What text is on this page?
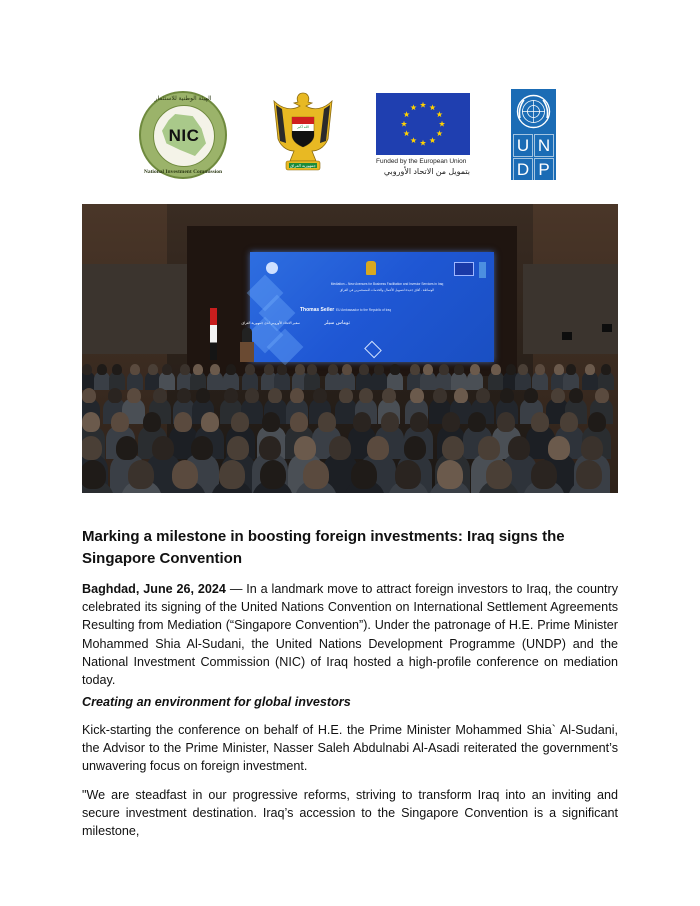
NIC
الهيئة الوطنية للاستثمار
National Investment Commission
الله أكبر
جمهورية العراق
Funded by the European Union
بتمويل من الاتحاد الأوروبي
U N
D P
Mediation – New Avenues for Business Facilitation and Investor Services in Iraq
الوساطة - آفاق جديدة لتسهيل الأعمال والخدمات للمستثمرين في العراق
Thomas Seiler EU Ambassador to the Republic of Iraq
توماس سيلر
سفير الاتحاد الأوروبي لدى جمهورية العراق
Marking a milestone in boosting foreign investments: Iraq signs the Singapore Convention
Baghdad, June 26, 2024 — In a landmark move to attract foreign investors to Iraq, the country celebrated its signing of the United Nations Convention on International Settlement Agreements Resulting from Mediation (“Singapore Convention”). Under the patronage of H.E. Prime Minister Mohammed Shia Al-Sudani, the United Nations Development Programme (UNDP) and the National Investment Commission (NIC) of Iraq hosted a high-profile conference on mediation today.
Creating an environment for global investors
Kick-starting the conference on behalf of H.E. the Prime Minister Mohammed Shia` Al-Sudani, the Advisor to the Prime Minister, Nasser Saleh Abdulnabi Al-Asadi reiterated the government’s unwavering focus on foreign investment.
"We are steadfast in our progressive reforms, striving to transform Iraq into an inviting and secure investment destination. Iraq’s accession to the Singapore Convention is a significant milestone,
